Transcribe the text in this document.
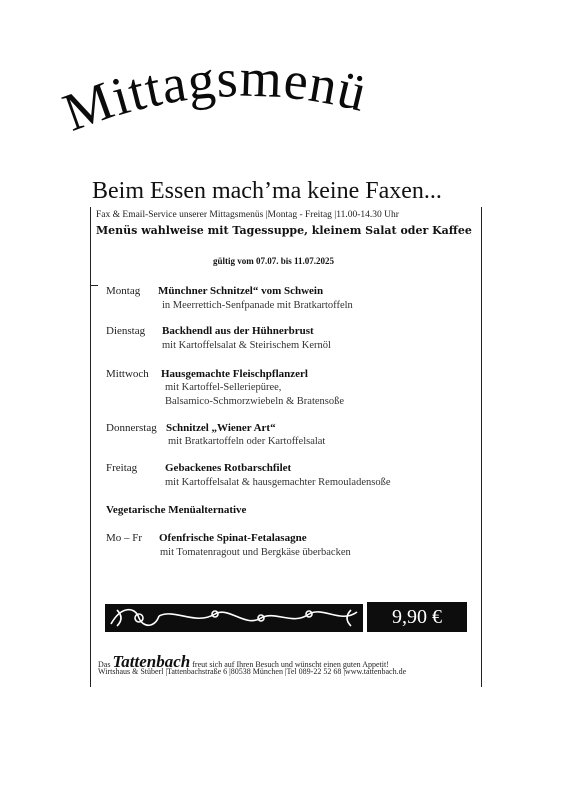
Mittagsmenü
Beim Essen mach’ma keine Faxen...
Fax & Email-Service unserer Mittagsmenüs |Montag - Freitag |11.00-14.30 Uhr
Menüs wahlweise mit Tagessuppe, kleinem Salat oder Kaffee
gültig vom 07.07. bis 11.07.2025
Montag Münchner Schnitzel“ vom Schwein
in Meerrettich-Senfpanade mit Bratkartoffeln
Dienstag Backhendl aus der Hühnerbrust
mit Kartoffelsalat & Steirischem Kernöl
Mittwoch Hausgemachte Fleischpflanzerl
mit Kartoffel-Selleriepüree,
Balsamico-Schmorzwiebeln & Bratensoße
Donnerstag Schnitzel „Wiener Art“
mit Bratkartoffeln oder Kartoffelsalat
Freitag	Gebackenes Rotbarschfilet
mit Kartoffelsalat & hausgemachter Remouladensoße
Vegetarische Menüalternative
Mo – Fr Ofenfrische Spinat-Fetalasagne
mit Tomatenragout und Bergkäse überbacken
9,90 €
Das Tattenbach freut sich auf Ihren Besuch und wünscht einen guten Appetit!
Wirtshaus & Stüberl |Tattenbachstraße 6 |80538 München |Tel 089-22 52 68 |www.tattenbach.de
